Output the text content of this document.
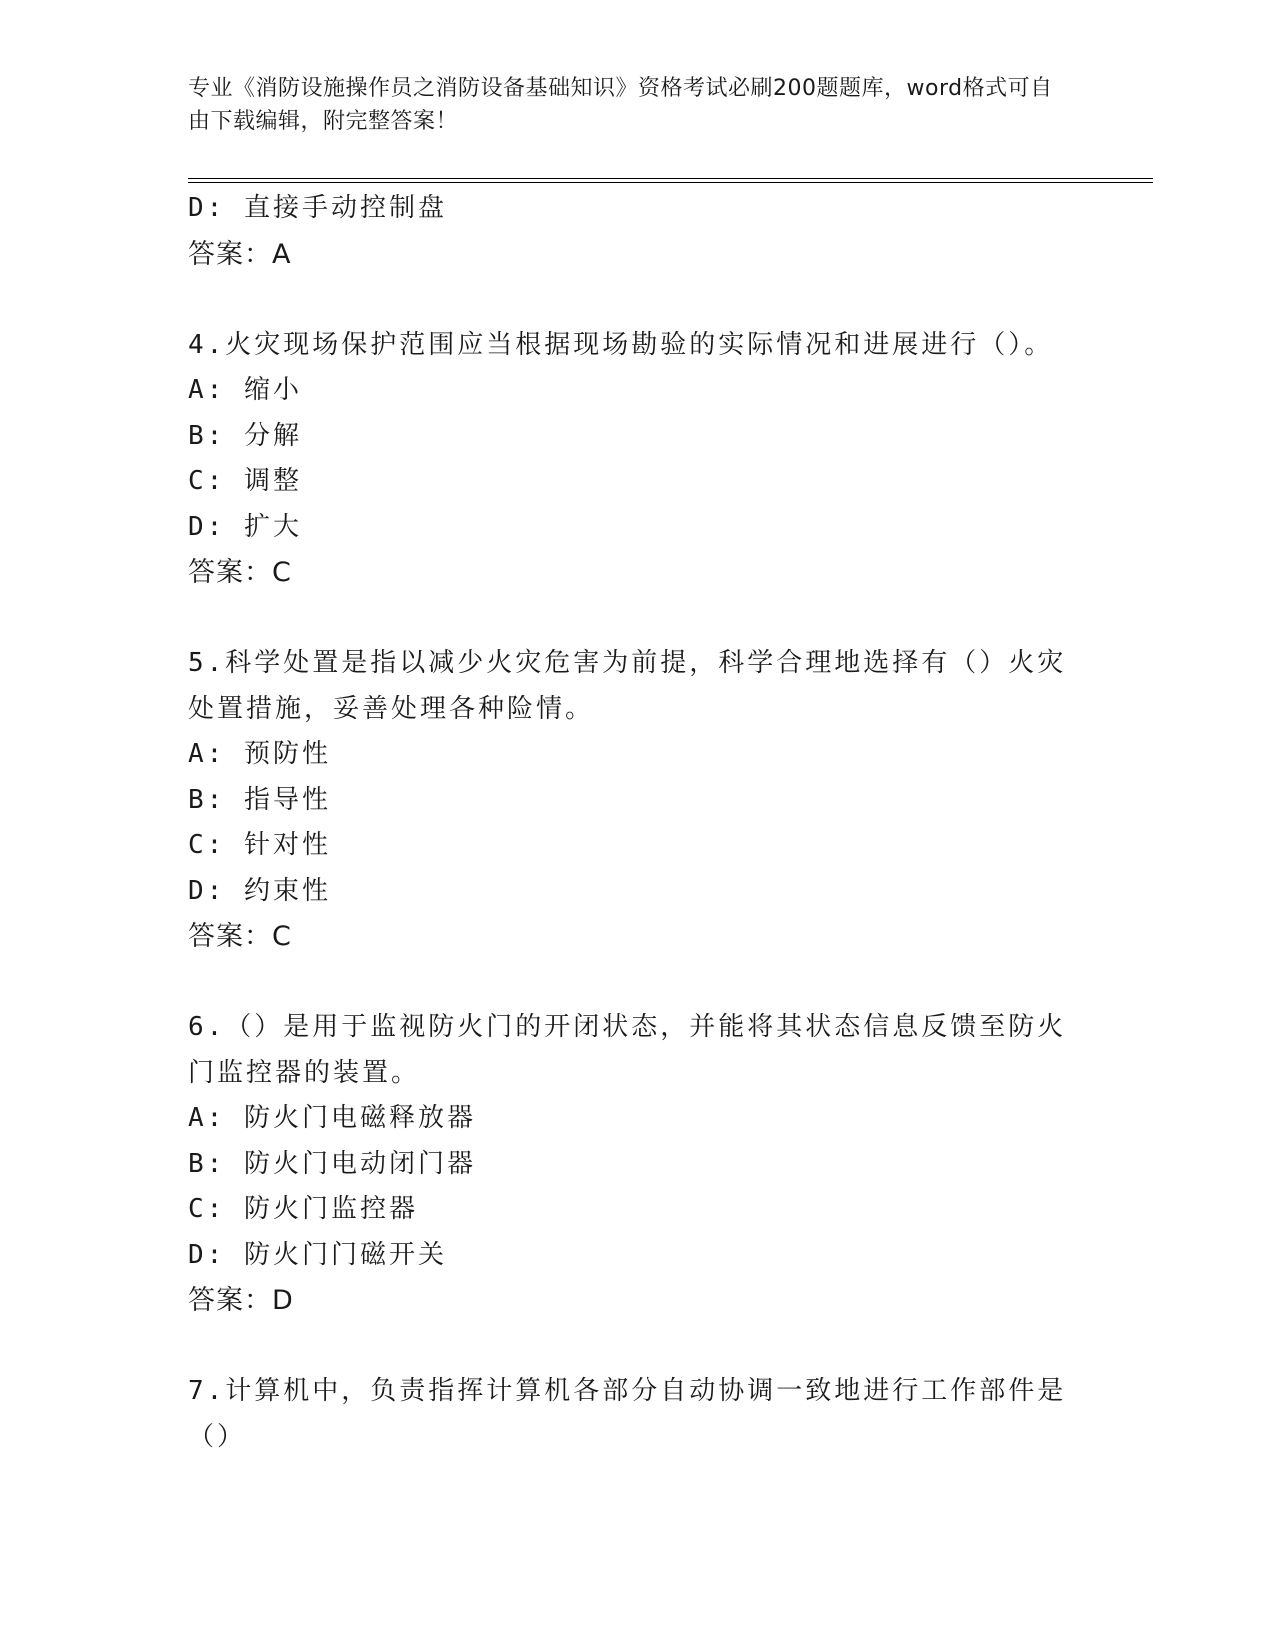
专业《消防设施操作员之消防设备基础知识》资格考试必刷200题题库，word格式可自由下载编辑，附完整答案！
D: 直接手动控制盘
答案：A
4.火灾现场保护范围应当根据现场勘验的实际情况和进展进行（）。
A: 缩小
B: 分解
C: 调整
D: 扩大
答案：C
5.科学处置是指以减少火灾危害为前提，科学合理地选择有（）火灾处置措施，妥善处理各种险情。
A: 预防性
B: 指导性
C: 针对性
D: 约束性
答案：C
6.（）是用于监视防火门的开闭状态，并能将其状态信息反馈至防火门监控器的装置。
A: 防火门电磁释放器
B: 防火门电动闭门器
C: 防火门监控器
D: 防火门门磁开关
答案：D
7.计算机中，负责指挥计算机各部分自动协调一致地进行工作部件是（）
